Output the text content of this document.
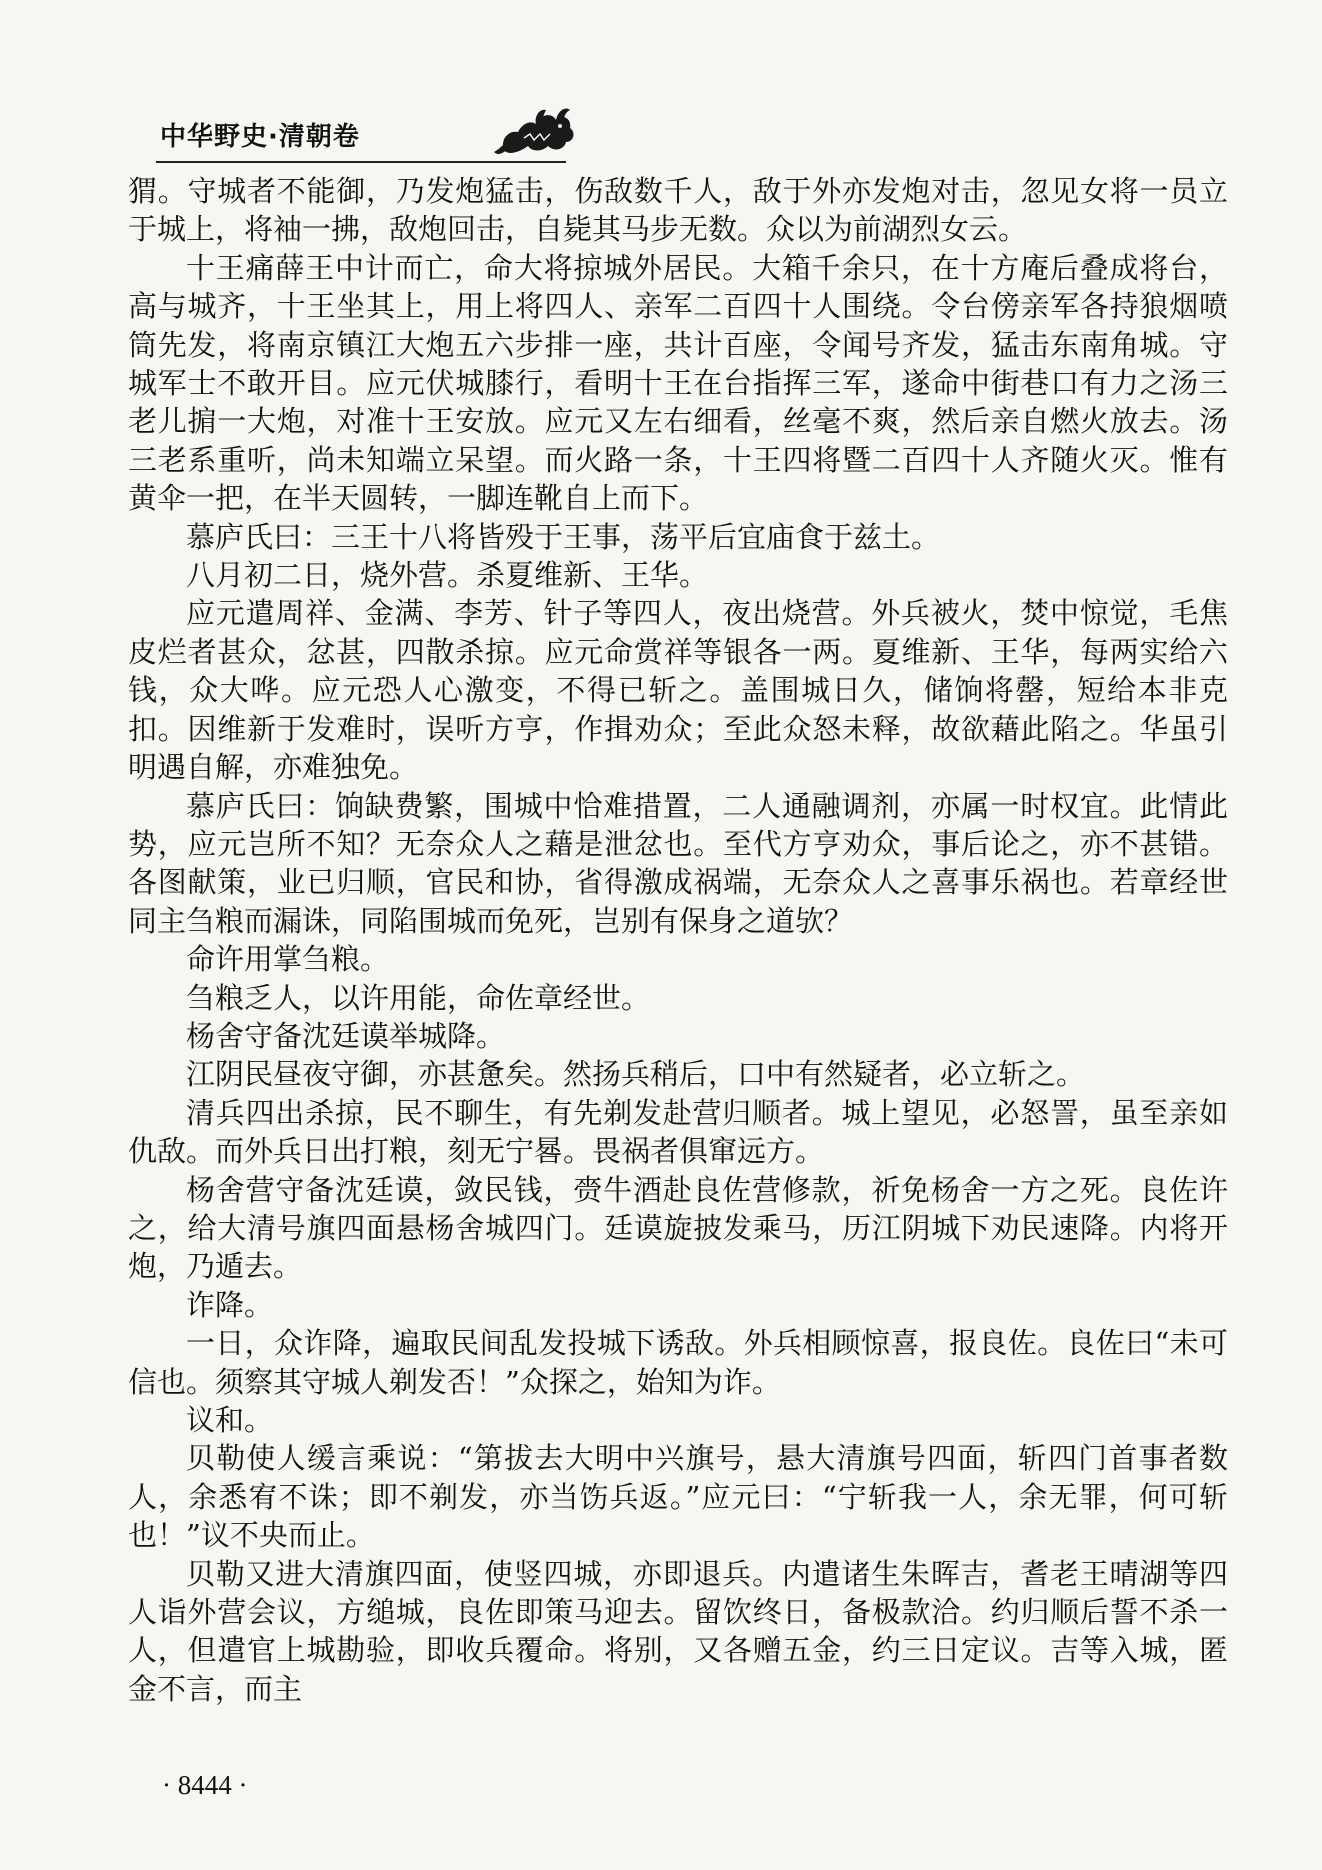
中华野史·清朝卷

猬。守城者不能御，乃发炮猛击，伤敌数千人，敌于外亦发炮对击，忽见女将一员立于城上，将袖一拂，敌炮回击，自毙其马步无数。众以为前湖烈女云。

十王痛薛王中计而亡，命大将掠城外居民。大箱千余只，在十方庵后叠成将台，高与城齐，十王坐其上，用上将四人、亲军二百四十人围绕。令台傍亲军各持狼烟喷筒先发，将南京镇江大炮五六步排一座，共计百座，令闻号齐发，猛击东南角城。守城军士不敢开目。应元伏城膝行，看明十王在台指挥三军，遂命中街巷口有力之汤三老儿掮一大炮，对准十王安放。应元又左右细看，丝毫不爽，然后亲自燃火放去。汤三老系重听，尚未知端立呆望。而火路一条，十王四将暨二百四十人齐随火灭。惟有黄伞一把，在半天圆转，一脚连靴自上而下。

慕庐氏曰：三王十八将皆殁于王事，荡平后宜庙食于兹土。

八月初二日，烧外营。杀夏维新、王华。

应元遣周祥、金满、李芳、针子等四人，夜出烧营。外兵被火，焚中惊觉，毛焦皮烂者甚众，忿甚，四散杀掠。应元命赏祥等银各一两。夏维新、王华，每两实给六钱，众大哗。应元恐人心激变，不得已斩之。盖围城日久，储饷将罄，短给本非克扣。因维新于发难时，误听方亨，作揖劝众；至此众怒未释，故欲藉此陷之。华虽引明遇自解，亦难独免。

慕庐氏曰：饷缺费繁，围城中恰难措置，二人通融调剂，亦属一时权宜。此情此势，应元岂所不知？无奈众人之藉是泄忿也。至代方亨劝众，事后论之，亦不甚错。各图献策，业已归顺，官民和协，省得激成祸端，无奈众人之喜事乐祸也。若章经世同主刍粮而漏诛，同陷围城而免死，岂别有保身之道欤？

命许用掌刍粮。

刍粮乏人，以许用能，命佐章经世。

杨舍守备沈廷谟举城降。

江阴民昼夜守御，亦甚惫矣。然扬兵稍后，口中有然疑者，必立斩之。

清兵四出杀掠，民不聊生，有先剃发赴营归顺者。城上望见，必怒詈，虽至亲如仇敌。而外兵日出打粮，刻无宁晷。畏祸者俱窜远方。

杨舍营守备沈廷谟，敛民钱，赍牛酒赴良佐营修款，祈免杨舍一方之死。良佐许之，给大清号旗四面悬杨舍城四门。廷谟旋披发乘马，历江阴城下劝民速降。内将开炮，乃遁去。

诈降。

一日，众诈降，遍取民间乱发投城下诱敌。外兵相顾惊喜，报良佐。良佐曰“未可信也。须察其守城人剃发否！”众探之，始知为诈。

议和。

贝勒使人缓言乘说：“第拔去大明中兴旗号，悬大清旗号四面，斩四门首事者数人，余悉宥不诛；即不剃发，亦当饬兵返。”应元曰：“宁斩我一人，余无罪，何可斩也！”议不央而止。

贝勒又进大清旗四面，使竖四城，亦即退兵。内遣诸生朱晖吉，耆老王晴湖等四人诣外营会议，方缒城，良佐即策马迎去。留饮终日，备极款洽。约归顺后誓不杀一人，但遣官上城勘验，即收兵覆命。将别，又各赠五金，约三日定议。吉等入城，匿金不言，而主

· 8444 ·
